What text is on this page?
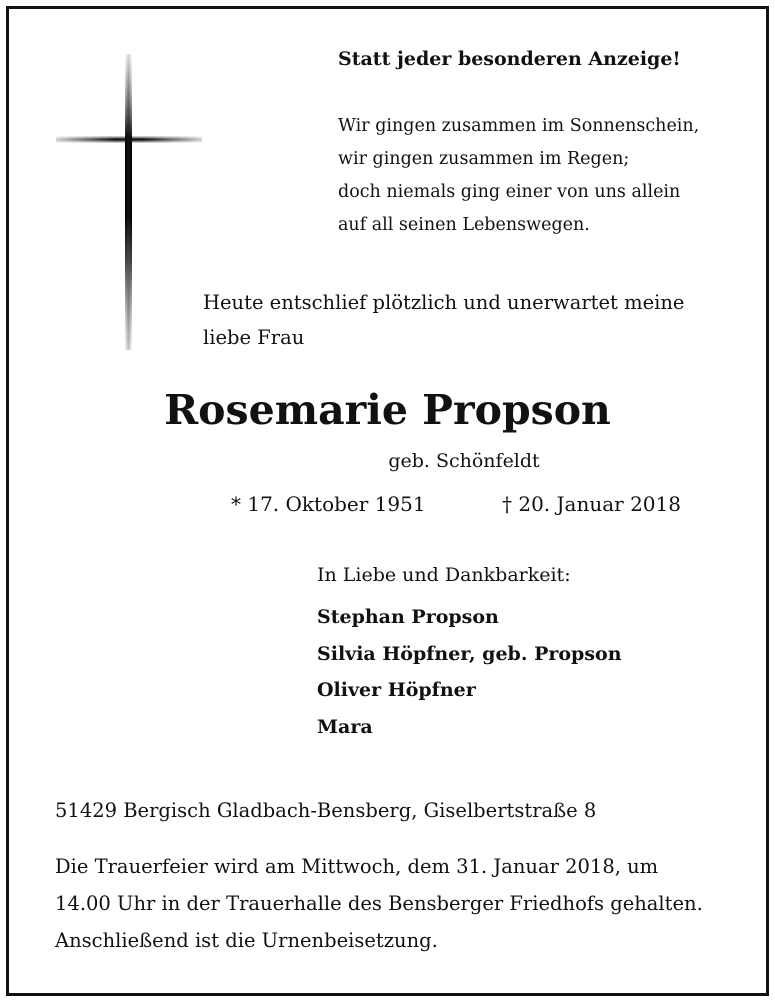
Statt jeder besonderen Anzeige!
Wir gingen zusammen im Sonnenschein,
wir gingen zusammen im Regen;
doch niemals ging einer von uns allein
auf all seinen Lebenswegen.
Heute entschlief plötzlich und unerwartet meine
liebe Frau
Rosemarie Propson
geb. Schönfeldt
* 17. Oktober 1951	† 20. Januar 2018
In Liebe und Dankbarkeit:
Stephan Propson
Silvia Höpfner, geb. Propson
Oliver Höpfner
Mara
51429 Bergisch Gladbach-Bensberg, Giselbertstraße 8
Die Trauerfeier wird am Mittwoch, dem 31. Januar 2018, um
14.00 Uhr in der Trauerhalle des Bensberger Friedhofs gehalten.
Anschließend ist die Urnenbeisetzung.
